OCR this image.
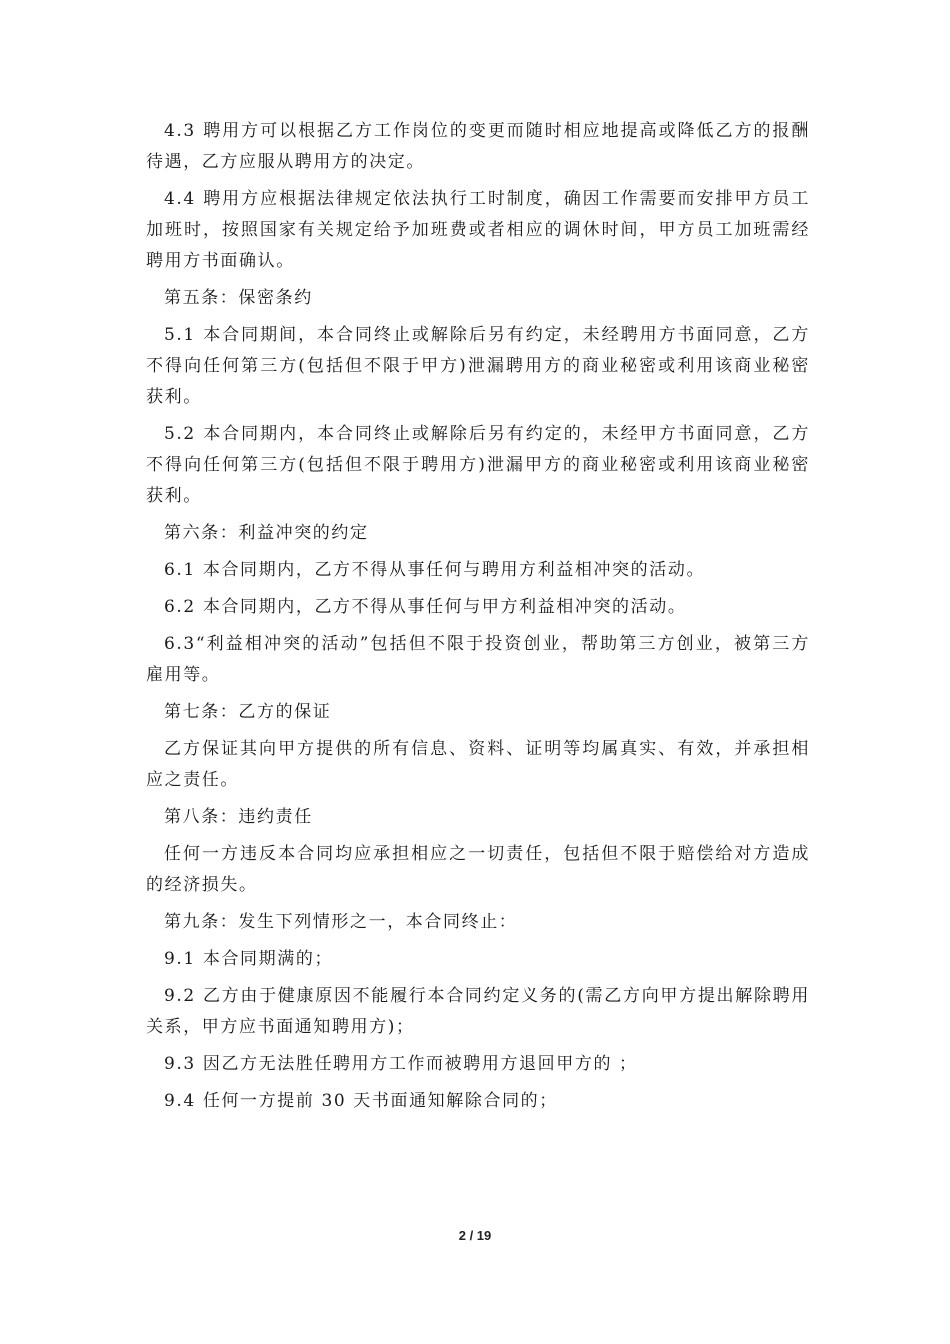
4.3 聘用方可以根据乙方工作岗位的变更而随时相应地提高或降低乙方的报酬待遇，乙方应服从聘用方的决定。

4.4 聘用方应根据法律规定依法执行工时制度，确因工作需要而安排甲方员工加班时，按照国家有关规定给予加班费或者相应的调休时间，甲方员工加班需经聘用方书面确认。

第五条：保密条约

5.1 本合同期间，本合同终止或解除后另有约定，未经聘用方书面同意，乙方不得向任何第三方(包括但不限于甲方)泄漏聘用方的商业秘密或利用该商业秘密获利。

5.2 本合同期内，本合同终止或解除后另有约定的，未经甲方书面同意，乙方不得向任何第三方(包括但不限于聘用方)泄漏甲方的商业秘密或利用该商业秘密获利。

第六条：利益冲突的约定

6.1 本合同期内，乙方不得从事任何与聘用方利益相冲突的活动。

6.2 本合同期内，乙方不得从事任何与甲方利益相冲突的活动。

6.3“利益相冲突的活动”包括但不限于投资创业，帮助第三方创业，被第三方雇用等。

第七条：乙方的保证

乙方保证其向甲方提供的所有信息、资料、证明等均属真实、有效，并承担相应之责任。

第八条：违约责任

任何一方违反本合同均应承担相应之一切责任，包括但不限于赔偿给对方造成的经济损失。

第九条：发生下列情形之一，本合同终止：

9.1 本合同期满的；

9.2 乙方由于健康原因不能履行本合同约定义务的(需乙方向甲方提出解除聘用关系，甲方应书面通知聘用方)；

9.3 因乙方无法胜任聘用方工作而被聘用方退回甲方的 ；

9.4 任何一方提前 30 天书面通知解除合同的；

2 / 19
